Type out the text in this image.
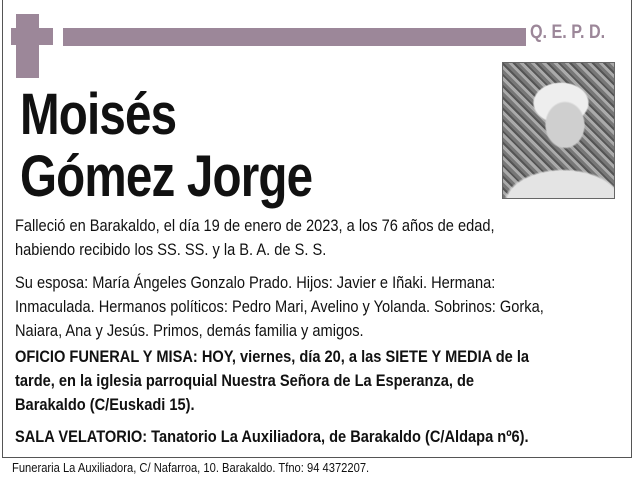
Q. E. P. D.
Moisés
Gómez Jorge
Falleció en Barakaldo, el día 19 de enero de 2023, a los 76 años de edad,
habiendo recibido los SS. SS. y la B. A. de S. S.
Su esposa: María Ángeles Gonzalo Prado. Hijos: Javier e Iñaki. Hermana:
Inmaculada. Hermanos políticos: Pedro Mari, Avelino y Yolanda. Sobrinos: Gorka,
Naiara, Ana y Jesús. Primos, demás familia y amigos.
OFICIO FUNERAL Y MISA: HOY, viernes, día 20, a las SIETE Y MEDIA de la
tarde, en la iglesia parroquial Nuestra Señora de La Esperanza, de
Barakaldo (C/Euskadi 15).
SALA VELATORIO: Tanatorio La Auxiliadora, de Barakaldo (C/Aldapa nº6).
Funeraria La Auxiliadora, C/ Nafarroa, 10. Barakaldo. Tfno: 94 4372207.
